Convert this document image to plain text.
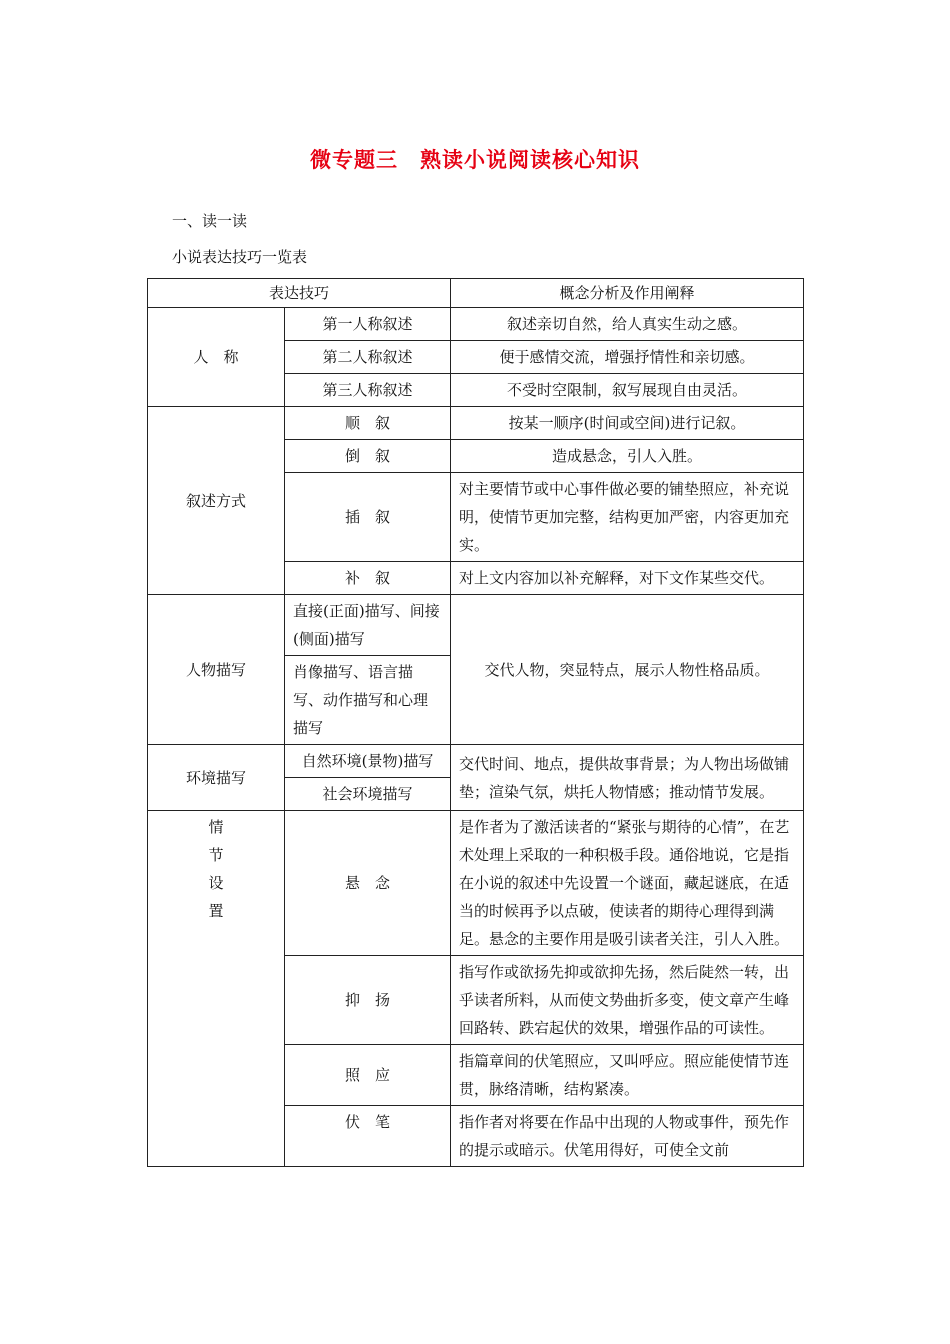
微专题三　熟读小说阅读核心知识
一、读一读
小说表达技巧一览表
表达技巧		概念分析及作用阐释
人　称	第一人称叙述	叙述亲切自然，给人真实生动之感。
	第二人称叙述	便于感情交流，增强抒情性和亲切感。
	第三人称叙述	不受时空限制，叙写展现自由灵活。
叙述方式	顺　叙	按某一顺序(时间或空间)进行记叙。
	倒　叙	造成悬念，引人入胜。
	插　叙	对主要情节或中心事件做必要的铺垫照应，补充说明，使情节更加完整，结构更加严密，内容更加充实。
	补　叙	对上文内容加以补充解释，对下文作某些交代。
人物描写	直接(正面)描写、间接(侧面)描写	交代人物，突显特点，展示人物性格品质。
	肖像描写、语言描写、动作描写和心理描写	
环境描写	自然环境(景物)描写	交代时间、地点，提供故事背景；为人物出场做铺垫；渲染气氛，烘托人物情感；推动情节发展。
	社会环境描写	

情
节
设
置	悬　念	是作者为了激活读者的“紧张与期待的心情”，在艺术处理上采取的一种积极手段。通俗地说，它是指在小说的叙述中先设置一个谜面，藏起谜底，在适当的时候再予以点破，使读者的期待心理得到满足。悬念的主要作用是吸引读者关注，引人入胜。
	抑　扬	指写作或欲扬先抑或欲抑先扬，然后陡然一转，出乎读者所料，从而使文势曲折多变，使文章产生峰回路转、跌宕起伏的效果，增强作品的可读性。
	照　应	指篇章间的伏笔照应，又叫呼应。照应能使情节连贯，脉络清晰，结构紧凑。
	伏　笔	指作者对将要在作品中出现的人物或事件，预先作的提示或暗示。伏笔用得好，可使全文前
